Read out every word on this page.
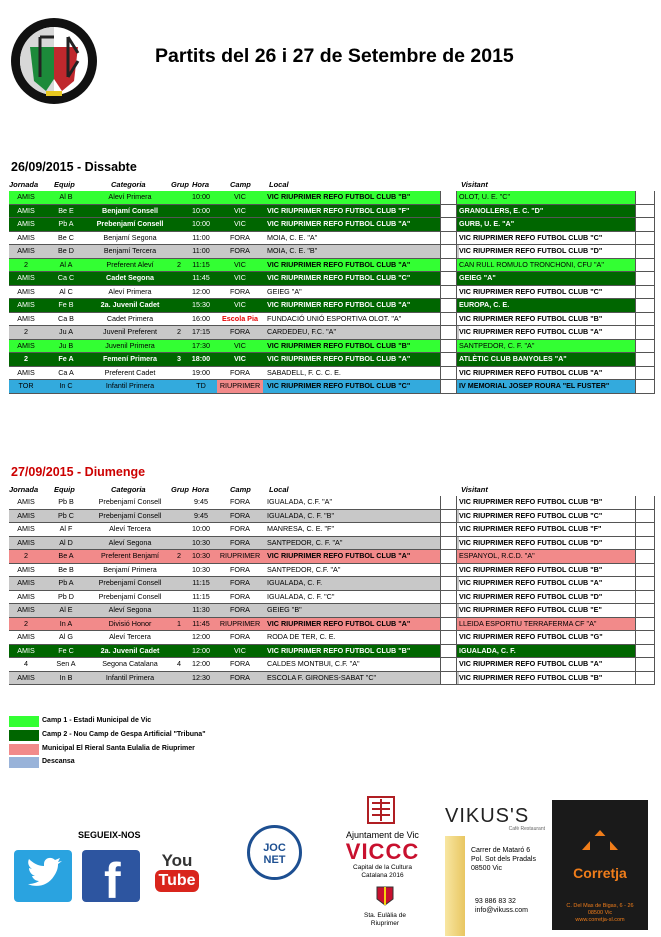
Partits del 26 i 27 de Setembre de 2015
26/09/2015 - Dissabte
Jornada Equip	Categoria	Grup Hora	Camp Local	Visitant
AMIS	Al B	Aleví Primera	10:00	VIC	VIC RIUPRIMER REFO FUTBOL CLUB "B"	OLOT, U. E. "C"
AMIS	Be E	Benjamí Consell	10:00	VIC	VIC RIUPRIMER REFO FUTBOL CLUB "F"	GRANOLLERS, E. C. "D"
AMIS	Pb A	Prebenjamí Consell	10:00	VIC	VIC RIUPRIMER REFO FUTBOL CLUB "A"	GURB, U. E. "A"
AMIS	Be C	Benjamí Segona	11:00	FORA	MOIA, C. E. "A"	VIC RIUPRIMER REFO FUTBOL CLUB "C"
AMIS	Be D	Benjamí Tercera	11:00	FORA	MOIA, C. E. "B"	VIC RIUPRIMER REFO FUTBOL CLUB "D"
2	Al A	Preferent Aleví	2	11:15	VIC	VIC RIUPRIMER REFO FUTBOL CLUB "A"	CAN RULL ROMULO TRONCHONI, CFU "A"
AMIS	Ca C	Cadet Segona	11:45	VIC	VIC RIUPRIMER REFO FUTBOL CLUB "C"	GEIEG "A"
AMIS	Al C	Aleví Primera	12:00	FORA	GEIEG "A"	VIC RIUPRIMER REFO FUTBOL CLUB "C"
AMIS	Fe B	2a. Juvenil Cadet	15:30	VIC	VIC RIUPRIMER REFO FUTBOL CLUB "A"	EUROPA, C. E.
AMIS	Ca B	Cadet Primera	16:00	Escola Pia	FUNDACIÓ UNIÓ ESPORTIVA OLOT. "A"	VIC RIUPRIMER REFO FUTBOL CLUB "B"
2	Ju A	Juvenil Preferent	2	17:15	FORA	CARDEDEU, F.C. "A"	VIC RIUPRIMER REFO FUTBOL CLUB "A"
AMIS	Ju B	Juvenil Primera	17:30	VIC	VIC RIUPRIMER REFO FUTBOL CLUB "B"	SANTPEDOR, C. F. "A"
2	Fe A	Femení Primera	3	18:00	VIC	VIC RIUPRIMER REFO FUTBOL CLUB "A"	ATLÈTIC CLUB BANYOLES "A"
AMIS	Ca A	Preferent Cadet	19:00	FORA	SABADELL, F. C. C. E.	VIC RIUPRIMER REFO FUTBOL CLUB "A"
TOR	In C	Infantil Primera	TD	RIUPRIMER VIC RIUPRIMER REFO FUTBOL CLUB "C"	IV MEMORIAL JOSEP ROURA "EL FUSTER"
27/09/2015 - Diumenge
Jornada Equip	Categoria	Grup Hora	Camp Local	Visitant
AMIS	Pb B	Prebenjamí Consell	9:45	FORA	IGUALADA, C.F. "A"	VIC RIUPRIMER REFO FUTBOL CLUB "B"
AMIS	Pb C	Prebenjamí Consell	9:45	FORA	IGUALADA, C. F. "B"	VIC RIUPRIMER REFO FUTBOL CLUB "C"
AMIS	Al F	Aleví Tercera	10:00	FORA	MANRESA, C. E. "F"	VIC RIUPRIMER REFO FUTBOL CLUB "F"
AMIS	Al D	Aleví Segona	10:30	FORA	SANTPEDOR, C. F. "A"	VIC RIUPRIMER REFO FUTBOL CLUB "D"
2	Be A	Preferent Benjamí	2	10:30	RIUPRIMER VIC RIUPRIMER REFO FUTBOL CLUB "A"	ESPANYOL, R.C.D. "A"
AMIS	Be B	Benjamí Primera	10:30	FORA	SANTPEDOR, C.F. "A"	VIC RIUPRIMER REFO FUTBOL CLUB "B"
AMIS	Pb A	Prebenjamí Consell	11:15	FORA	IGUALADA, C. F.	VIC RIUPRIMER REFO FUTBOL CLUB "A"
AMIS	Pb D	Prebenjamí Consell	11:15	FORA	IGUALADA, C. F. "C"	VIC RIUPRIMER REFO FUTBOL CLUB "D"
AMIS	Al E	Aleví Segona	11:30	FORA	GEIEG "B"	VIC RIUPRIMER REFO FUTBOL CLUB "E"
2	In A	Divisió Honor	1	11:45	RIUPRIMER VIC RIUPRIMER REFO FUTBOL CLUB "A"	LLEIDA ESPORTIU TERRAFERMA CF "A"
AMIS	Al G	Aleví Tercera	12:00	FORA	RODA DE TER, C. E.	VIC RIUPRIMER REFO FUTBOL CLUB "G"
AMIS	Fe C	2a. Juvenil Cadet	12:00	VIC	VIC RIUPRIMER REFO FUTBOL CLUB "B"	IGUALADA, C. F.
4	Sen A	Segona Catalana	4	12:00	FORA	CALDES MONTBUI, C.F. "A"	VIC RIUPRIMER REFO FUTBOL CLUB "A"
AMIS	In B	Infantil Primera	12:30	FORA	ESCOLA F. GIRONES-SABAT "C"	VIC RIUPRIMER REFO FUTBOL CLUB "B"
Camp 1 - Estadi Municipal de Vic
Camp 2 - Nou Camp de Gespa Artificial "Tribuna"
Municipal El Rieral Santa Eulalia de Riuprimer
Descansa
SEGUEIX-NOS
f	You
Tube
JOC
NET
Ajuntament de Vic
VICCC
Capital de la Cultura
Catalana 2016
Sta. Eulàlia de
Riuprimer
VIKUS'S
Cafè Restaurant
Carrer de Mataró 6
Pol. Sot dels Pradals
08500 Vic
93 886 83 32
info@vikuss.com
Corretja
C. Del Mas de Bigas, 6 - 26
08500 Vic
www.corretja-sl.com
